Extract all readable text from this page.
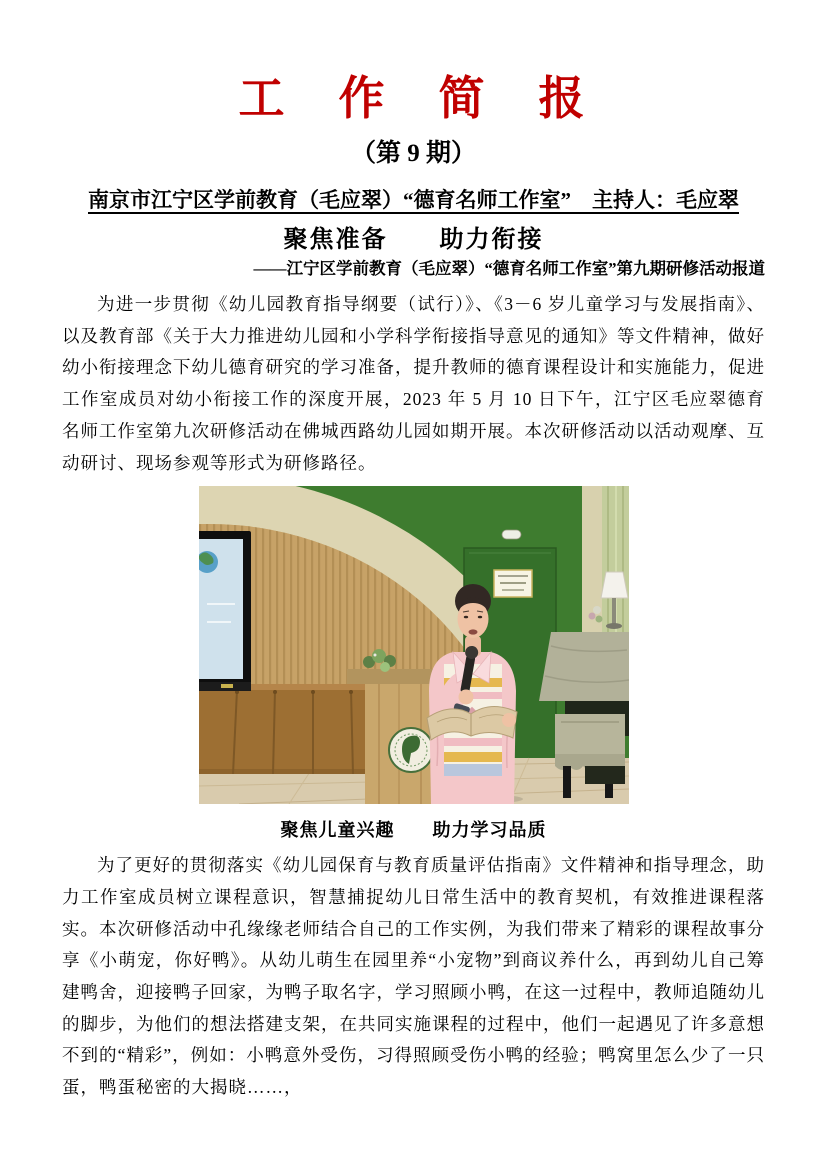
工　作　简　报
（第 9 期）
南京市江宁区学前教育（毛应翠）“德育名师工作室”　主持人：毛应翠
聚焦准备　　助力衔接
——江宁区学前教育（毛应翠）“德育名师工作室”第九期研修活动报道

为进一步贯彻《幼儿园教育指导纲要（试行）》、《3－6 岁儿童学习与发展指南》、以及教育部《关于大力推进幼儿园和小学科学衔接指导意见的通知》等文件精神，做好幼小衔接理念下幼儿德育研究的学习准备，提升教师的德育课程设计和实施能力，促进工作室成员对幼小衔接工作的深度开展，2023 年 5 月 10 日下午，江宁区毛应翠德育名师工作室第九次研修活动在佛城西路幼儿园如期开展。本次研修活动以活动观摩、互动研讨、现场参观等形式为研修路径。

聚焦儿童兴趣　　助力学习品质

为了更好的贯彻落实《幼儿园保育与教育质量评估指南》文件精神和指导理念，助力工作室成员树立课程意识，智慧捕捉幼儿日常生活中的教育契机，有效推进课程落实。本次研修活动中孔缘缘老师结合自己的工作实例，为我们带来了精彩的课程故事分享《小萌宠，你好鸭》。从幼儿萌生在园里养“小宠物”到商议养什么，再到幼儿自己筹建鸭舍，迎接鸭子回家，为鸭子取名字，学习照顾小鸭，在这一过程中，教师追随幼儿的脚步，为他们的想法搭建支架，在共同实施课程的过程中，他们一起遇见了许多意想不到的“精彩”，例如：小鸭意外受伤，习得照顾受伤小鸭的经验；鸭窝里怎么少了一只蛋，鸭蛋秘密的大揭晓……，
